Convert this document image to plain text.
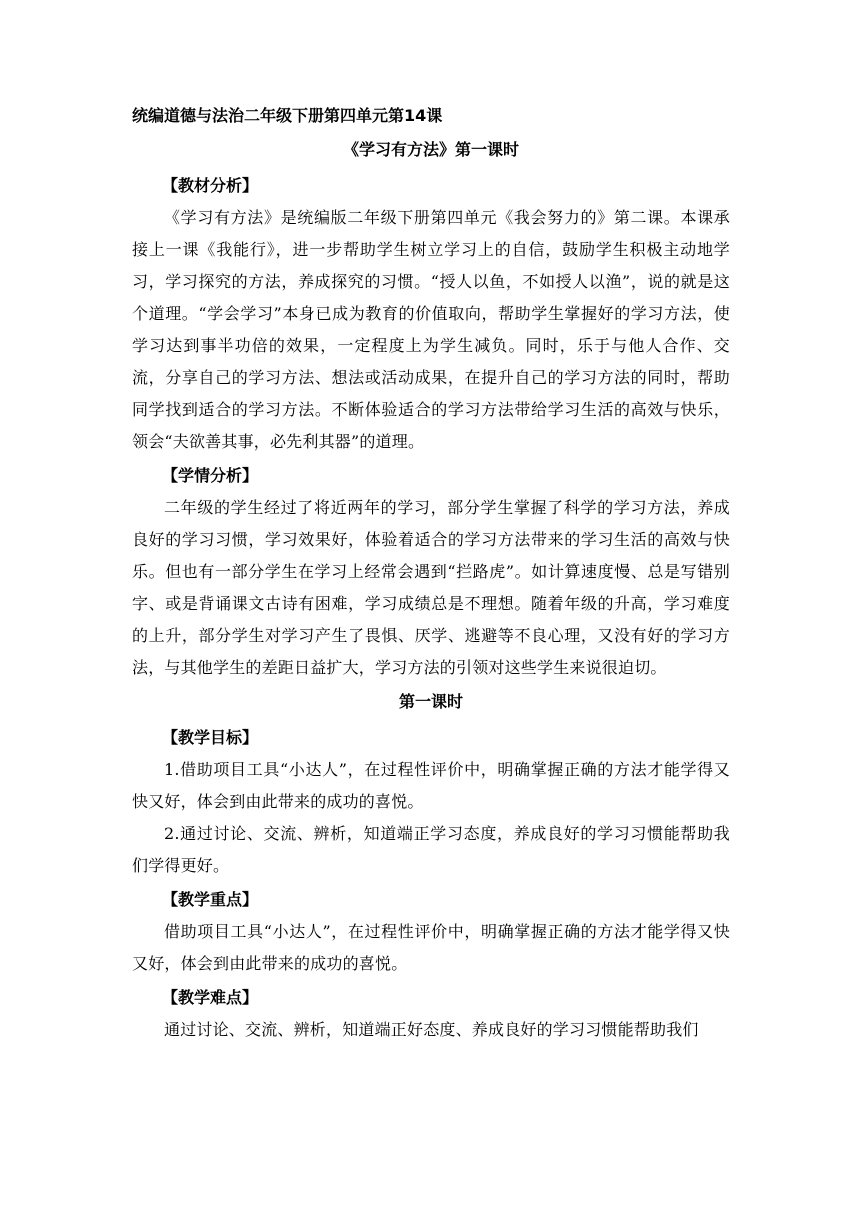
统编道德与法治二年级下册第四单元第14课

《学习有方法》第一课时

【教材分析】

《学习有方法》是统编版二年级下册第四单元《我会努力的》第二课。本课承接上一课《我能行》，进一步帮助学生树立学习上的自信，鼓励学生积极主动地学习，学习探究的方法，养成探究的习惯。“授人以鱼，不如授人以渔”，说的就是这个道理。“学会学习”本身已成为教育的价值取向，帮助学生掌握好的学习方法，使学习达到事半功倍的效果，一定程度上为学生减负。同时，乐于与他人合作、交流，分享自己的学习方法、想法或活动成果，在提升自己的学习方法的同时，帮助同学找到适合的学习方法。不断体验适合的学习方法带给学习生活的高效与快乐，领会“夫欲善其事，必先利其器”的道理。

【学情分析】

二年级的学生经过了将近两年的学习，部分学生掌握了科学的学习方法，养成良好的学习习惯，学习效果好，体验着适合的学习方法带来的学习生活的高效与快乐。但也有一部分学生在学习上经常会遇到“拦路虎”。如计算速度慢、总是写错别字、或是背诵课文古诗有困难，学习成绩总是不理想。随着年级的升高，学习难度的上升，部分学生对学习产生了畏惧、厌学、逃避等不良心理，又没有好的学习方法，与其他学生的差距日益扩大，学习方法的引领对这些学生来说很迫切。

第一课时

【教学目标】

1.借助项目工具“小达人”，在过程性评价中，明确掌握正确的方法才能学得又快又好，体会到由此带来的成功的喜悦。

2.通过讨论、交流、辨析，知道端正学习态度，养成良好的学习习惯能帮助我们学得更好。

【教学重点】

借助项目工具“小达人”，在过程性评价中，明确掌握正确的方法才能学得又快又好，体会到由此带来的成功的喜悦。

【教学难点】

通过讨论、交流、辨析，知道端正好态度、养成良好的学习习惯能帮助我们
